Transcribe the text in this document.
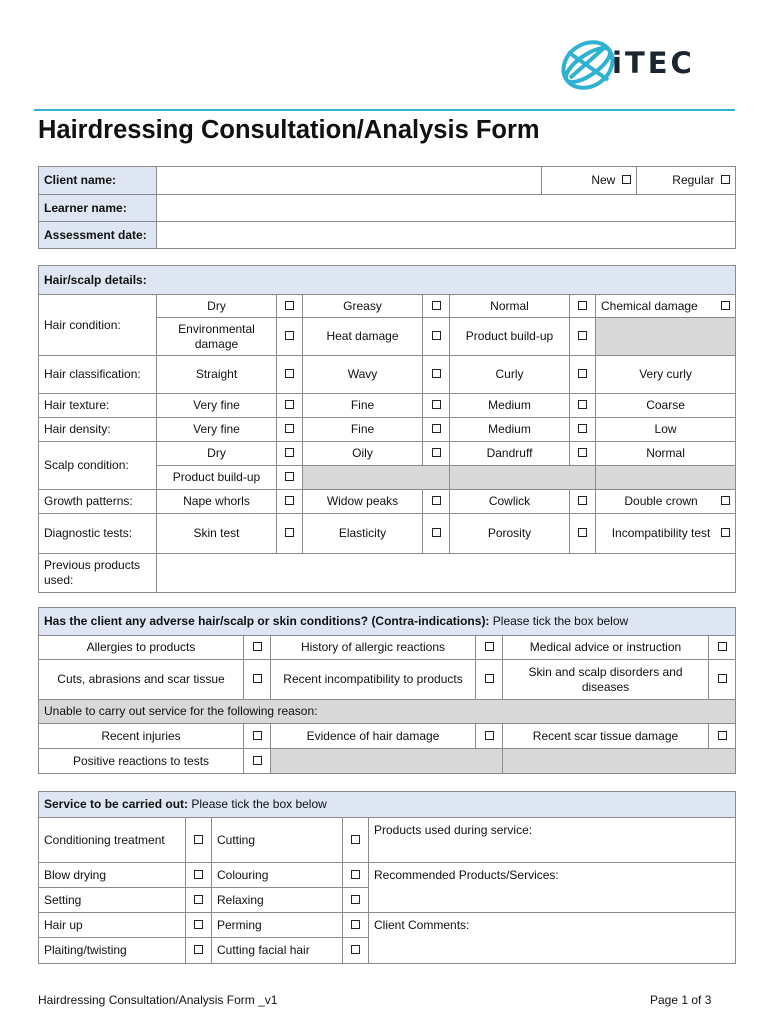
iTEC
Hairdressing Consultation/Analysis Form
Client name:		New	Regular
Learner name:			
Assessment date:			
Hair/scalp details:							
Hair condition:	Dry		Greasy		Normal		Chemical damage

	Environmental damage		Heat damage		Product build-up		
Hair classification:	Straight		Wavy		Curly		Very curly
Hair texture:	Very fine		Fine		Medium		Coarse
Hair density:	Very fine		Fine		Medium		Low
Scalp condition:	Dry		Oily		Dandruff		Normal
	Product build-up						
Growth patterns:	Nape whorls		Widow peaks		Cowlick		Double crown

Diagnostic tests:	Skin test		Elasticity		Porosity		Incompatibility test

Previous products used:							
Has the client any adverse hair/scalp or skin conditions? (Contra-indications): Please tick the box below					
Allergies to products		History of allergic reactions		Medical advice or instruction	
Cuts, abrasions and scar tissue		Recent incompatibility to products		Skin and scalp disorders and diseases	
Unable to carry out service for the following reason:					
Recent injuries		Evidence of hair damage		Recent scar tissue damage	
Positive reactions to tests					
Service to be carried out: Please tick the box below				
Conditioning treatment		Cutting		Products used during service:
Blow drying		Colouring		Recommended Products/Services:
Setting		Relaxing		
Hair up		Perming		Client Comments:
Plaiting/twisting		Cutting facial hair		
Hairdressing Consultation/Analysis Form _v1	Page 1 of 3
